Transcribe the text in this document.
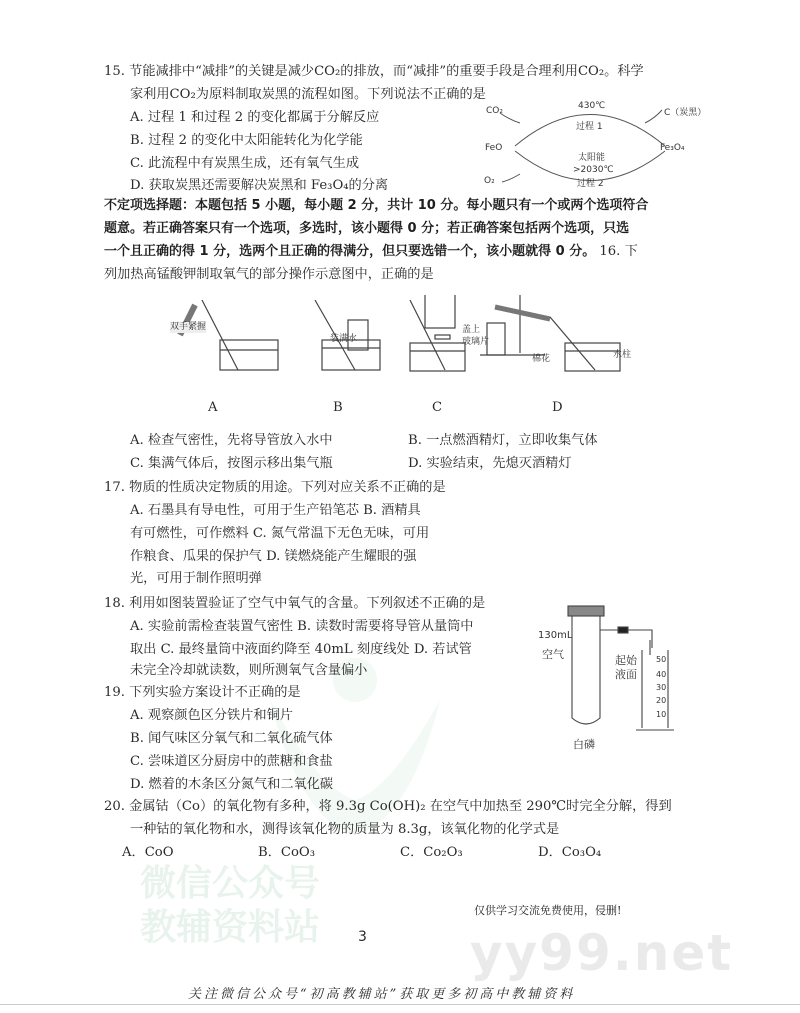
微信公众号
教辅资料站	yy99.net
15. 节能减排中“减排”的关键是减少CO₂的排放，而“减排”的重要手段是合理利用CO₂。科学
家利用CO₂为原料制取炭黑的流程如图。下列说法不正确的是
A. 过程 1 和过程 2 的变化都属于分解反应
B. 过程 2 的变化中太阳能转化为化学能
C. 此流程中有炭黑生成，还有氧气生成
D. 获取炭黑还需要解决炭黑和 Fe₃O₄的分离
CO₂	430℃
C（炭黑）
过程 1
FeO	Fe₃O₄
太阳能
>2030℃
O₂	过程 2
不定项选择题：本题包括 5 小题，每小题 2 分，共计 10 分。每小题只有一个或两个选项符合
题意。若正确答案只有一个选项，多选时，该小题得 0 分；若正确答案包括两个选项，只选
一个且正确的得 1 分，选两个且正确的得满分，但只要选错一个，该小题就得 0 分。 16. 下
列加热高锰酸钾制取氧气的部分操作示意图中，正确的是
双手紧握
装满水
盖上
玻璃片
棉花	水柱
A	B	C	D
A. 检查气密性，先将导管放入水中	B. 一点燃酒精灯，立即收集气体
C. 集满气体后，按图示移出集气瓶	D. 实验结束，先熄灭酒精灯
17. 物质的性质决定物质的用途。下列对应关系不正确的是
A. 石墨具有导电性，可用于生产铅笔芯 B. 酒精具
有可燃性，可作燃料 C. 氮气常温下无色无味，可用
作粮食、瓜果的保护气 D. 镁燃烧能产生耀眼的强
光，可用于制作照明弹
18. 利用如图装置验证了空气中氧气的含量。下列叙述不正确的是
A. 实验前需检查装置气密性 B. 读数时需要将导管从量筒中
取出 C. 最终量筒中液面约降至 40mL 刻度线处 D. 若试管
未完全冷却就读数，则所测氧气含量偏小
130mL
空气	起始
液面
白磷
50
40
30
20
10
19. 下列实验方案设计不正确的是
A. 观察颜色区分铁片和铜片
B. 闻气味区分氧气和二氧化硫气体
C. 尝味道区分厨房中的蔗糖和食盐
D. 燃着的木条区分氮气和二氧化碳
20. 金属钴（Co）的氧化物有多种，将 9.3g Co(OH)₂ 在空气中加热至 290℃时完全分解，得到
一种钴的氧化物和水，测得该氧化物的质量为 8.3g，该氧化物的化学式是
A．CoO	B．CoO₃	C．Co₂O₃	D．Co₃O₄
仅供学习交流免费使用，侵删!
3
关注微信公众号“初高教辅站”获取更多初高中教辅资料
